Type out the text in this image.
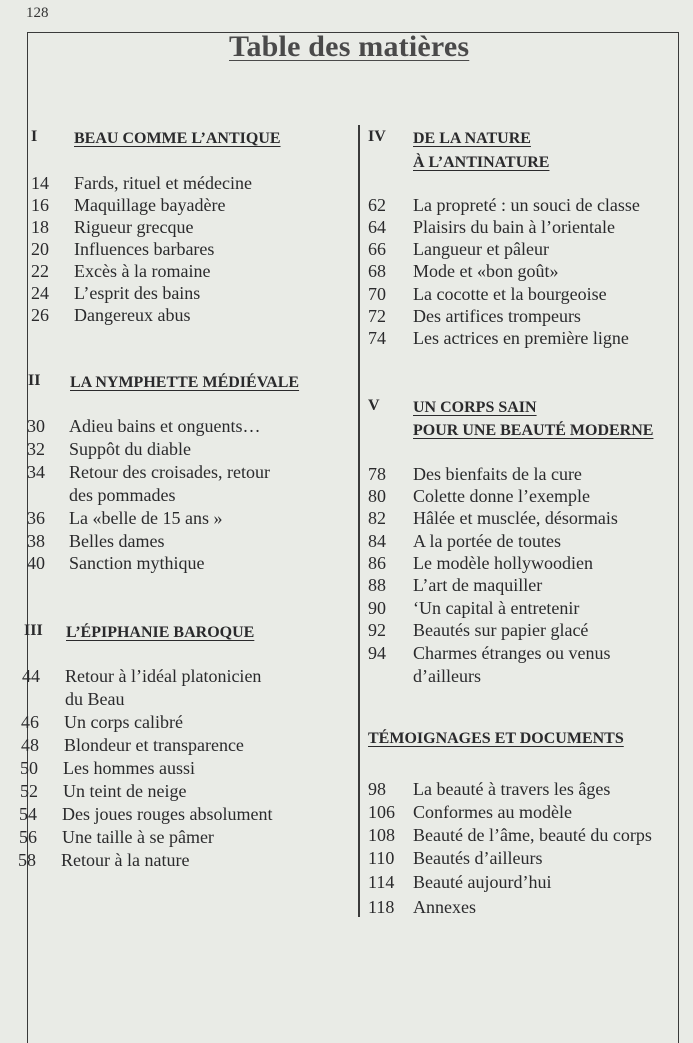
128
Table des matières
I BEAU COMME L’ANTIQUE
14 Fards, rituel et médecine
16 Maquillage bayadère
18 Rigueur grecque
20 Influences barbares
22 Excès à la romaine
24 L’esprit des bains
26 Dangereux abus
II LA NYMPHETTE MÉDIÉVALE
30 Adieu bains et onguents…
32 Suppôt du diable
34 Retour des croisades, retour
des pommades
36 La «belle de 15 ans »
38 Belles dames
40 Sanction mythique
III L’ÉPIPHANIE BAROQUE
44 Retour à l’idéal platonicien
du Beau
46 Un corps calibré
48 Blondeur et transparence
50 Les hommes aussi
52 Un teint de neige
54 Des joues rouges absolument
56 Une taille à se pâmer
58 Retour à la nature
IV DE LA NATURE
À L’ANTINATURE
62 La propreté : un souci de classe
64 Plaisirs du bain à l’orientale
66 Langueur et pâleur
68 Mode et «bon goût»
70 La cocotte et la bourgeoise
72 Des artifices trompeurs
74 Les actrices en première ligne
V UN CORPS SAIN
POUR UNE BEAUTÉ MODERNE
78 Des bienfaits de la cure
80 Colette donne l’exemple
82 Hâlée et musclée, désormais
84 A la portée de toutes
86 Le modèle hollywoodien
88 L’art de maquiller
90 ‘Un capital à entretenir
92 Beautés sur papier glacé
94 Charmes étranges ou venus
d’ailleurs
TÉMOIGNAGES ET DOCUMENTS
98 La beauté à travers les âges
106 Conformes au modèle
108 Beauté de l’âme, beauté du corps
110 Beautés d’ailleurs
114 Beauté aujourd’hui
118 Annexes
